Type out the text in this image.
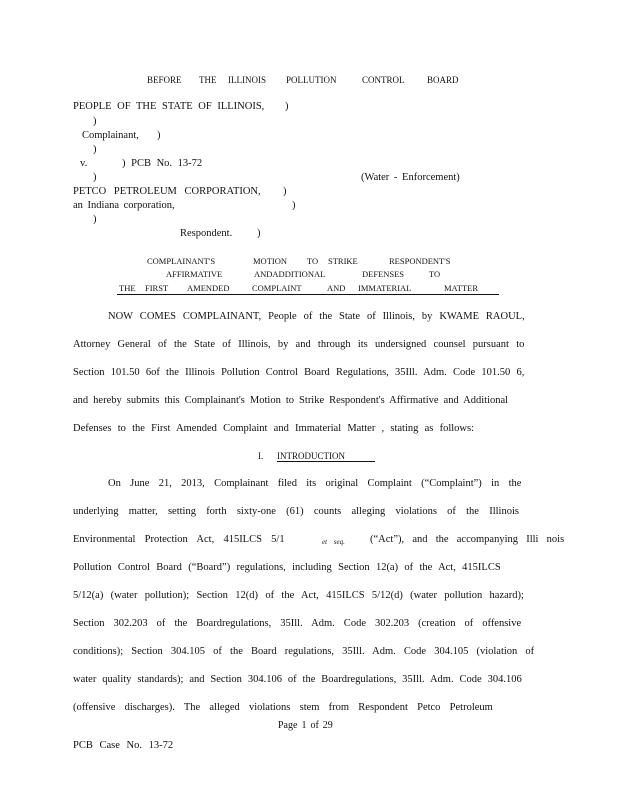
BEFORE THE ILLINOIS POLLUTION	CONTROL	BOARD
PEOPLE OF THE STATE OF ILLINOIS, )
)
Complainant, )
)
v.	) PCB No. 13-72
)	(Water - Enforcement)
PETCO PETROLEUM CORPORATION, )
an Indiana corporation,	)
)
Respondent. )
COMPLAINANT'S	MOTION TO STRIKE	RESPONDENT'S
AFFIRMATIVE	ANDADDITIONAL	DEFENSES	TO
THE FIRST AMENDED	COMPLAINT	AND IMMATERIAL	MATTER
NOW COMES COMPLAINANT, People of the State of Illinois, by KWAME RAOUL,
Attorney General of the State of Illinois, by and through its undersigned counsel pursuant to
Section 101.50 6of the Illinois Pollution Control Board Regulations, 35Ill. Adm. Code 101.50 6,
and hereby submits this Complainant's Motion to Strike Respondent's Affirmative and Additional
Defenses to the First Amended Complaint and Immaterial Matter , stating as follows:
I. INTRODUCTION
On June 21, 2013, Complainant filed its original Complaint (“Complaint”) in the
underlying matter, setting forth sixty-one (61) counts alleging violations of the Illinois
Environmental Protection Act, 415ILCS 5/1	et seq. (“Act”), and the accompanying Illi nois
Pollution Control Board (“Board”) regulations, including Section 12(a) of the Act, 415ILCS
5/12(a) (water pollution); Section 12(d) of the Act, 415ILCS 5/12(d) (water pollution hazard);
Section 302.203 of the Boardregulations, 35Ill. Adm. Code 302.203 (creation of offensive
conditions); Section 304.105 of the Board regulations, 35Ill. Adm. Code 304.105 (violation of
water quality standards); and Section 304.106 of the Boardregulations, 35Ill. Adm. Code 304.106
(offensive discharges). The alleged violations stem from Respondent Petco Petroleum
Page 1 of 29
PCB Case No. 13-72
